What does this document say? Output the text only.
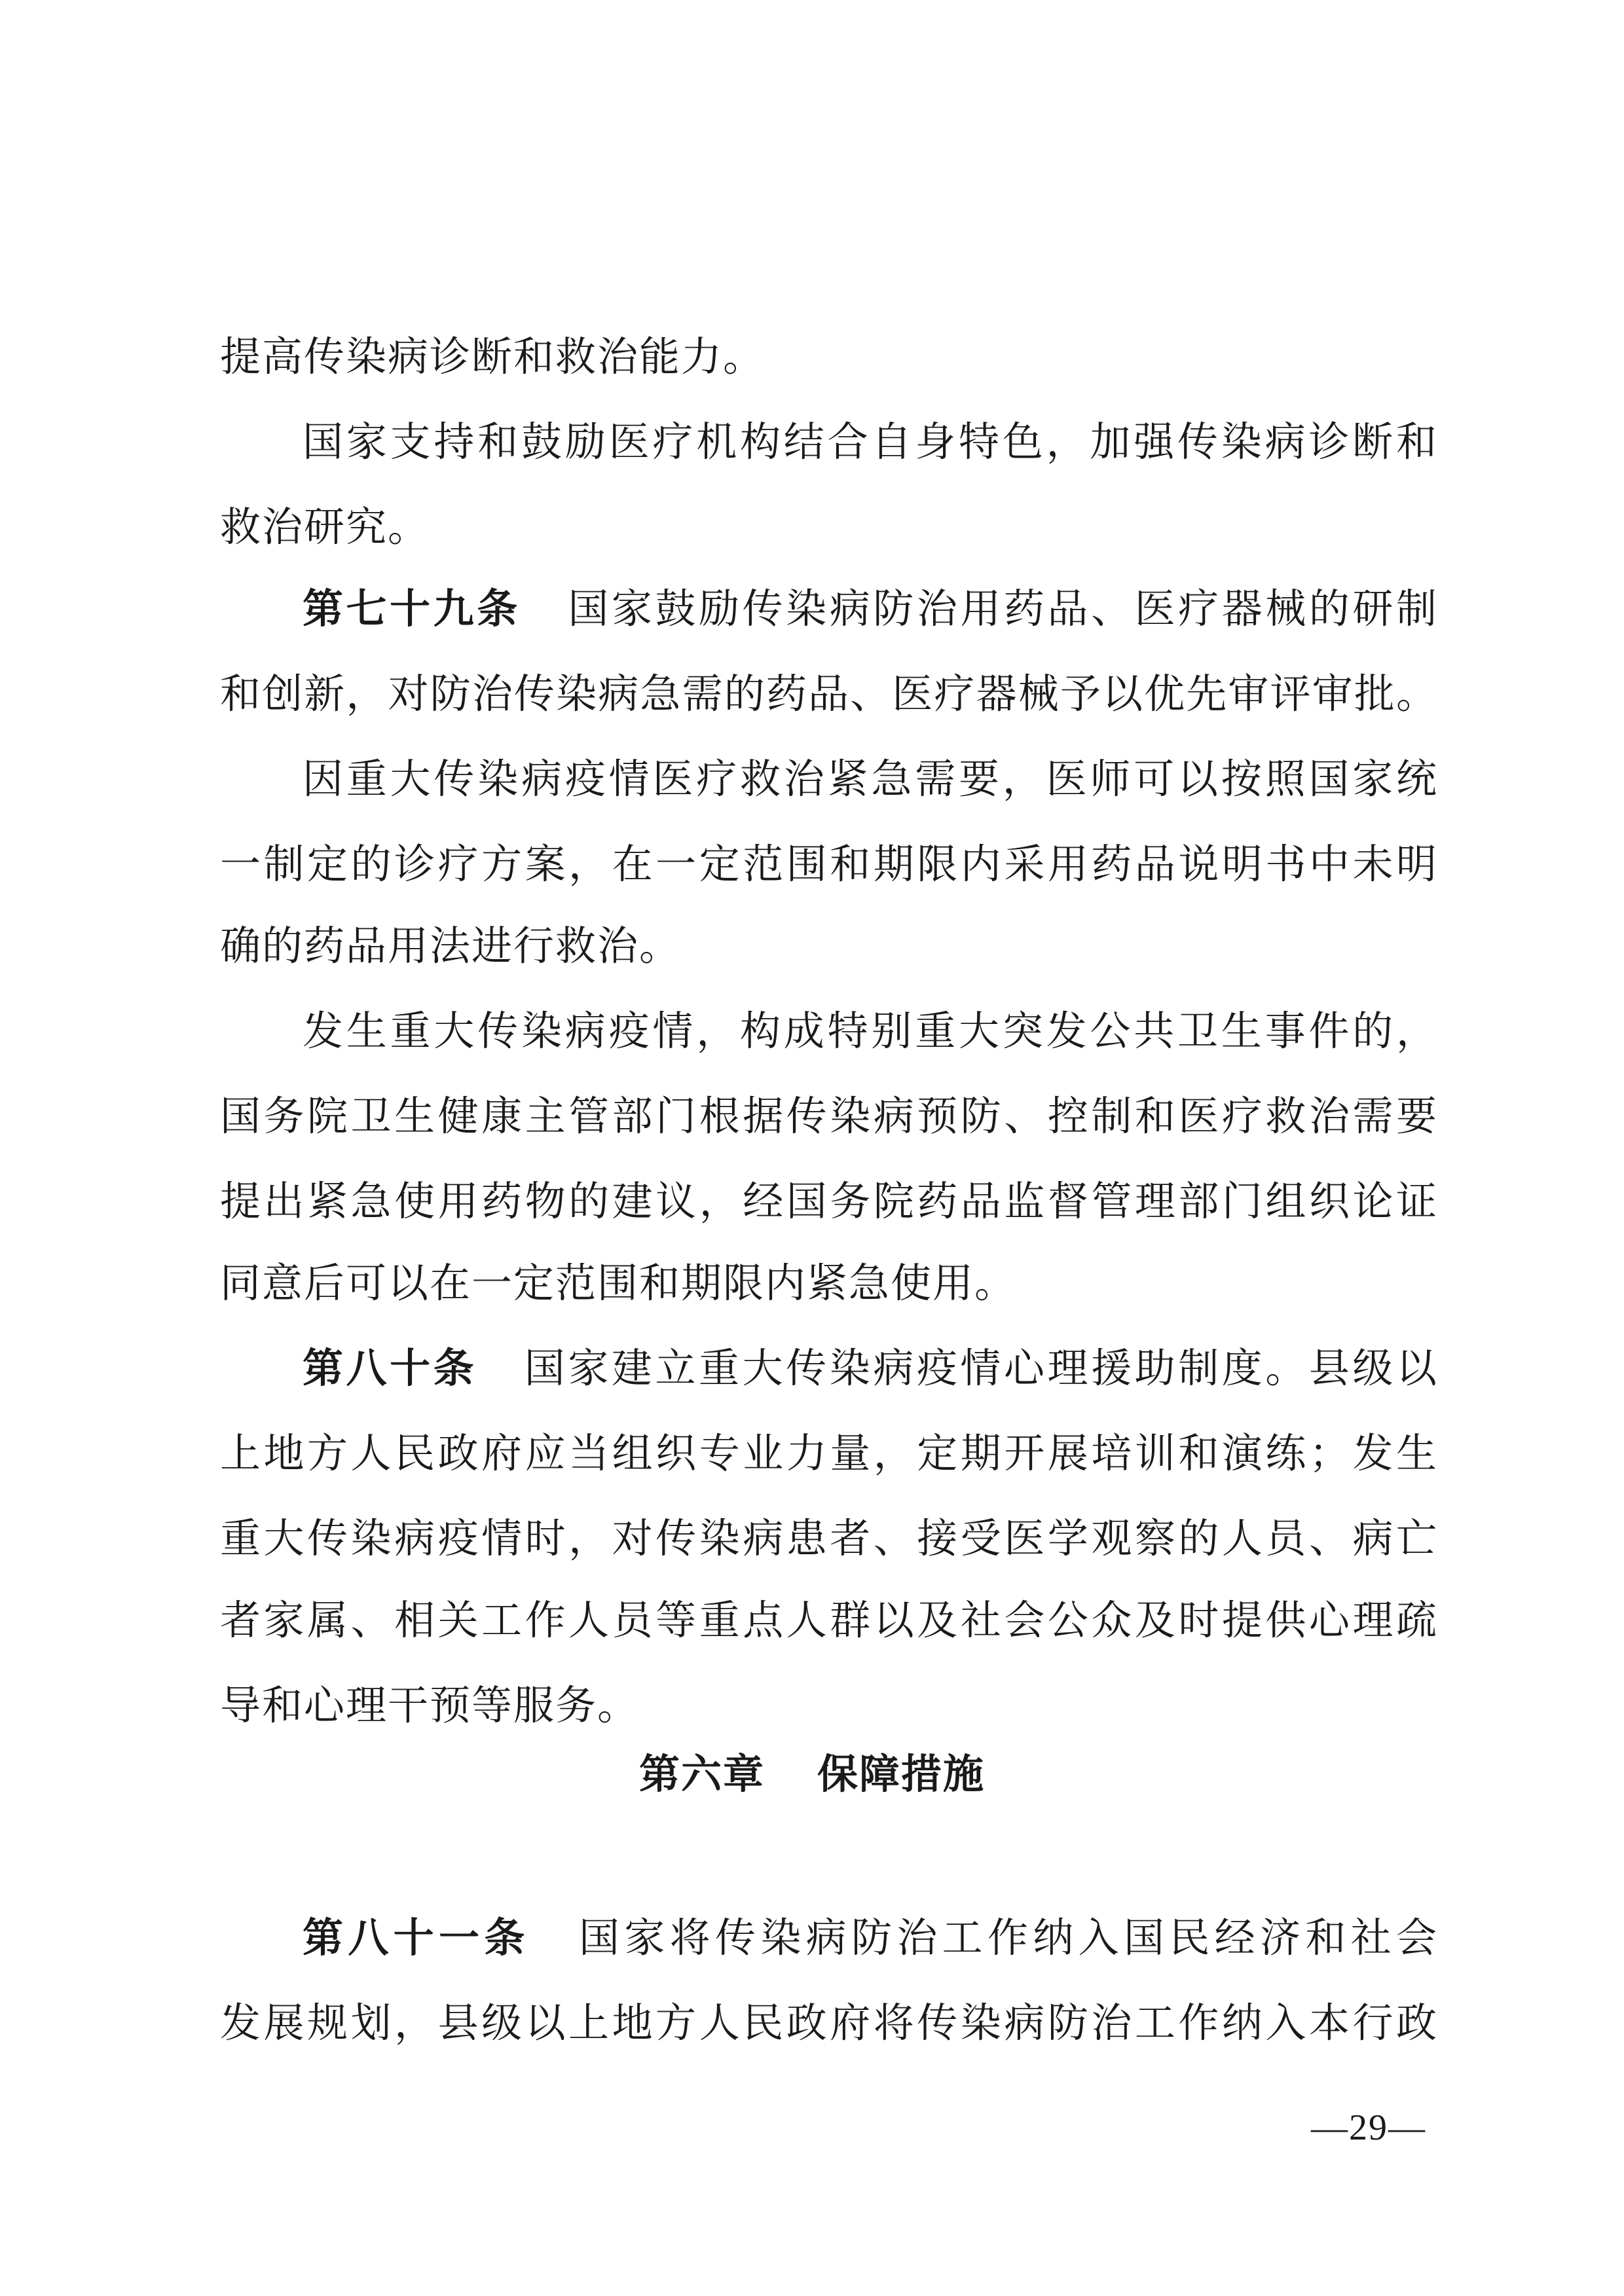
提高传染病诊断和救治能力。
国家支持和鼓励医疗机构结合自身特色，加强传染病诊断和
救治研究。
第七十九条 国家鼓励传染病防治用药品、医疗器械的研制
和创新，对防治传染病急需的药品、医疗器械予以优先审评审批。
因重大传染病疫情医疗救治紧急需要，医师可以按照国家统
一制定的诊疗方案，在一定范围和期限内采用药品说明书中未明
确的药品用法进行救治。
发生重大传染病疫情，构成特别重大突发公共卫生事件的，
国务院卫生健康主管部门根据传染病预防、控制和医疗救治需要
提出紧急使用药物的建议，经国务院药品监督管理部门组织论证
同意后可以在一定范围和期限内紧急使用。
第八十条 国家建立重大传染病疫情心理援助制度。县级以
上地方人民政府应当组织专业力量，定期开展培训和演练；发生
重大传染病疫情时，对传染病患者、接受医学观察的人员、病亡
者家属、相关工作人员等重点人群以及社会公众及时提供心理疏
导和心理干预等服务。
第六章 保障措施
第八十一条 国家将传染病防治工作纳入国民经济和社会
发展规划，县级以上地方人民政府将传染病防治工作纳入本行政
—29—
